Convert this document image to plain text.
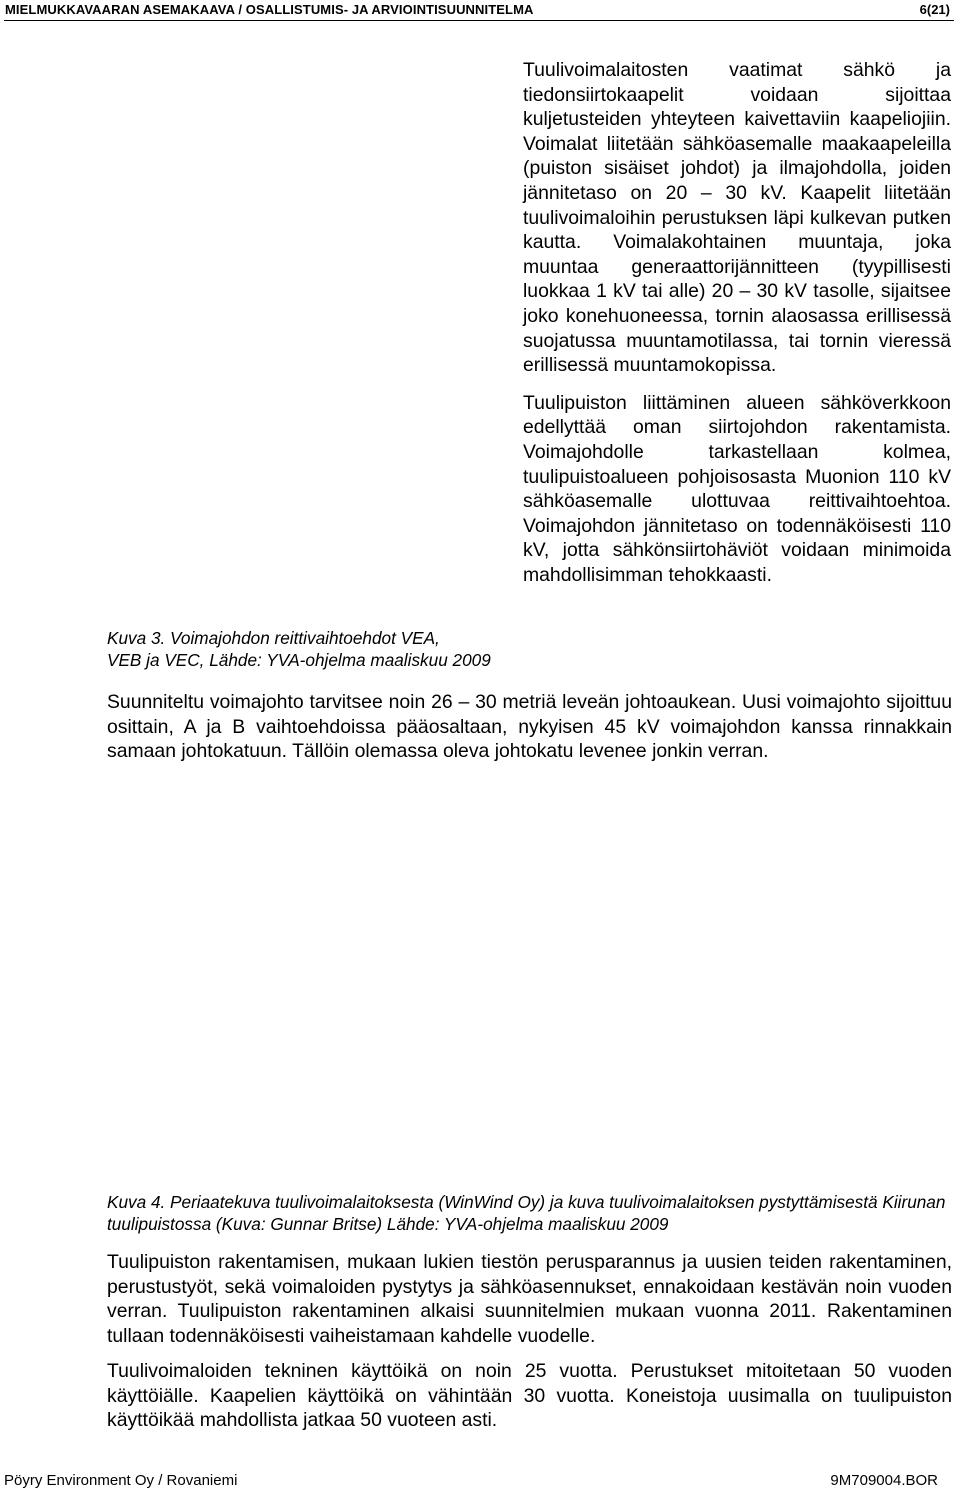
MIELMUKKAVAARAN ASEMAKAAVA / OSALLISTUMIS- JA ARVIOINTISUUNNITELMA	6(21)

Tuulivoimalaitosten vaatimat sähkö ja tiedonsiirtokaapelit voidaan sijoittaa kuljetusteiden yhteyteen kaivettaviin kaapeliojiin. Voimalat liitetään sähköasemalle maakaapeleilla (puiston sisäiset johdot) ja ilmajohdolla, joiden jännitetaso on 20 – 30 kV. Kaapelit liitetään tuulivoimaloihin perustuksen läpi kulkevan putken kautta. Voimalakohtainen muuntaja, joka muuntaa generaattorijännitteen (tyypillisesti luokkaa 1 kV tai alle) 20 – 30 kV tasolle, sijaitsee joko konehuoneessa, tornin alaosassa erillisessä suojatussa muuntamotilassa, tai tornin vieressä erillisessä muuntamokopissa.

Tuulipuiston liittäminen alueen sähköverkkoon edellyttää oman siirtojohdon rakentamista. Voimajohdolle tarkastellaan kolmea, tuulipuistoalueen pohjoisosasta Muonion 110 kV sähköasemalle ulottuvaa reittivaihtoehtoa. Voimajohdon jännitetaso on todennäköisesti 110 kV, jotta sähkönsiirtohäviöt voidaan minimoida mahdollisimman tehokkaasti.

Kuva 3. Voimajohdon reittivaihtoehdot VEA,
VEB ja VEC, Lähde: YVA-ohjelma maaliskuu 2009
Suunniteltu voimajohto tarvitsee noin 26 – 30 metriä leveän johtoaukean. Uusi voimajohto sijoittuu osittain, A ja B vaihtoehdoissa pääosaltaan, nykyisen 45 kV voimajohdon kanssa rinnakkain samaan johtokatuun. Tällöin olemassa oleva johtokatu levenee jonkin verran.
Kuva 4. Periaatekuva tuulivoimalaitoksesta (WinWind Oy) ja kuva tuulivoimalaitoksen pystyttämisestä Kiirunan tuulipuistossa (Kuva: Gunnar Britse) Lähde: YVA-ohjelma maaliskuu 2009
Tuulipuiston rakentamisen, mukaan lukien tiestön perusparannus ja uusien teiden rakentaminen, perustustyöt, sekä voimaloiden pystytys ja sähköasennukset, ennakoidaan kestävän noin vuoden verran. Tuulipuiston rakentaminen alkaisi suunnitelmien mukaan vuonna 2011. Rakentaminen tullaan todennäköisesti vaiheistamaan kahdelle vuodelle.
Tuulivoimaloiden tekninen käyttöikä on noin 25 vuotta. Perustukset mitoitetaan 50 vuoden käyttöiälle. Kaapelien käyttöikä on vähintään 30 vuotta. Koneistoja uusimalla on tuulipuiston käyttöikää mahdollista jatkaa 50 vuoteen asti.
Pöyry Environment Oy / Rovaniemi	9M709004.BOR
